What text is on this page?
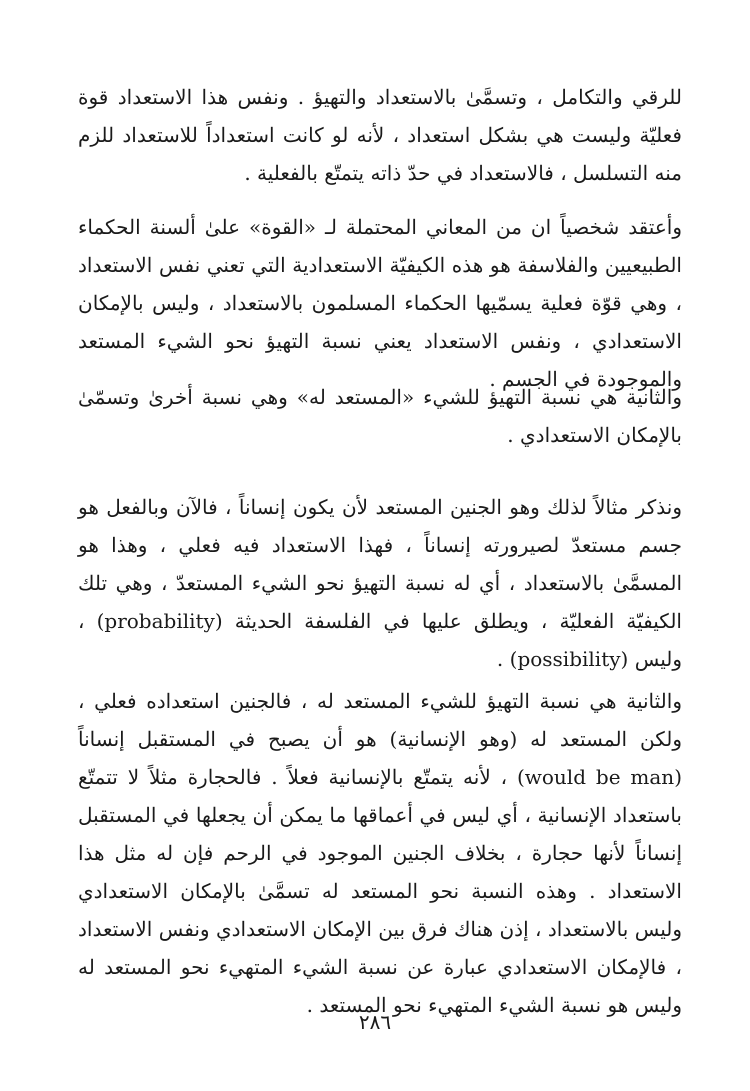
للرقي والتكامل ، وتسمَّىٰ بالاستعداد والتهيؤ . ونفس هذا الاستعداد قوة فعليّة وليست هي بشكل استعداد ، لأنه لو كانت استعداداً للاستعداد للزم منه التسلسل ، فالاستعداد في حدّ ذاته يتمتّع بالفعلية .

وأعتقد شخصياً ان من المعاني المحتملة لـ «القوة» علىٰ ألسنة الحكماء الطبيعيين والفلاسفة هو هذه الكيفيّة الاستعدادية التي تعني نفس الاستعداد ، وهي قوّة فعلية يسمّيها الحكماء المسلمون بالاستعداد ، وليس بالإمكان الاستعدادي ، ونفس الاستعداد يعني نسبة التهيؤ نحو الشيء المستعد والموجودة في الجسم .

والثانية هي نسبة التهيؤ للشيء «المستعد له» وهي نسبة أخرىٰ وتسمّىٰ بالإمكان الاستعدادي .

ونذكر مثالاً لذلك وهو الجنين المستعد لأن يكون إنساناً ، فالآن وبالفعل هو جسم مستعدّ لصيرورته إنساناً ، فهذا الاستعداد فيه فعلي ، وهذا هو المسمَّىٰ بالاستعداد ، أي له نسبة التهيؤ نحو الشيء المستعدّ ، وهي تلك الكيفيّة الفعليّة ، ويطلق عليها في الفلسفة الحديثة (probability) ، وليس (possibility) .

والثانية هي نسبة التهيؤ للشيء المستعد له ، فالجنين استعداده فعلي ، ولكن المستعد له (وهو الإنسانية) هو أن يصبح في المستقبل إنساناً (would be man) ، لأنه يتمتّع بالإنسانية فعلاً . فالحجارة مثلاً لا تتمتّع باستعداد الإنسانية ، أي ليس في أعماقها ما يمكن أن يجعلها في المستقبل إنساناً لأنها حجارة ، بخلاف الجنين الموجود في الرحم فإن له مثل هذا الاستعداد . وهذه النسبة نحو المستعد له تسمَّىٰ بالإمكان الاستعدادي وليس بالاستعداد ، إذن هناك فرق بين الإمكان الاستعدادي ونفس الاستعداد ، فالإمكان الاستعدادي عبارة عن نسبة الشيء المتهيء نحو المستعد له وليس هو نسبة الشيء المتهيء نحو المستعد .

٢٨٦
